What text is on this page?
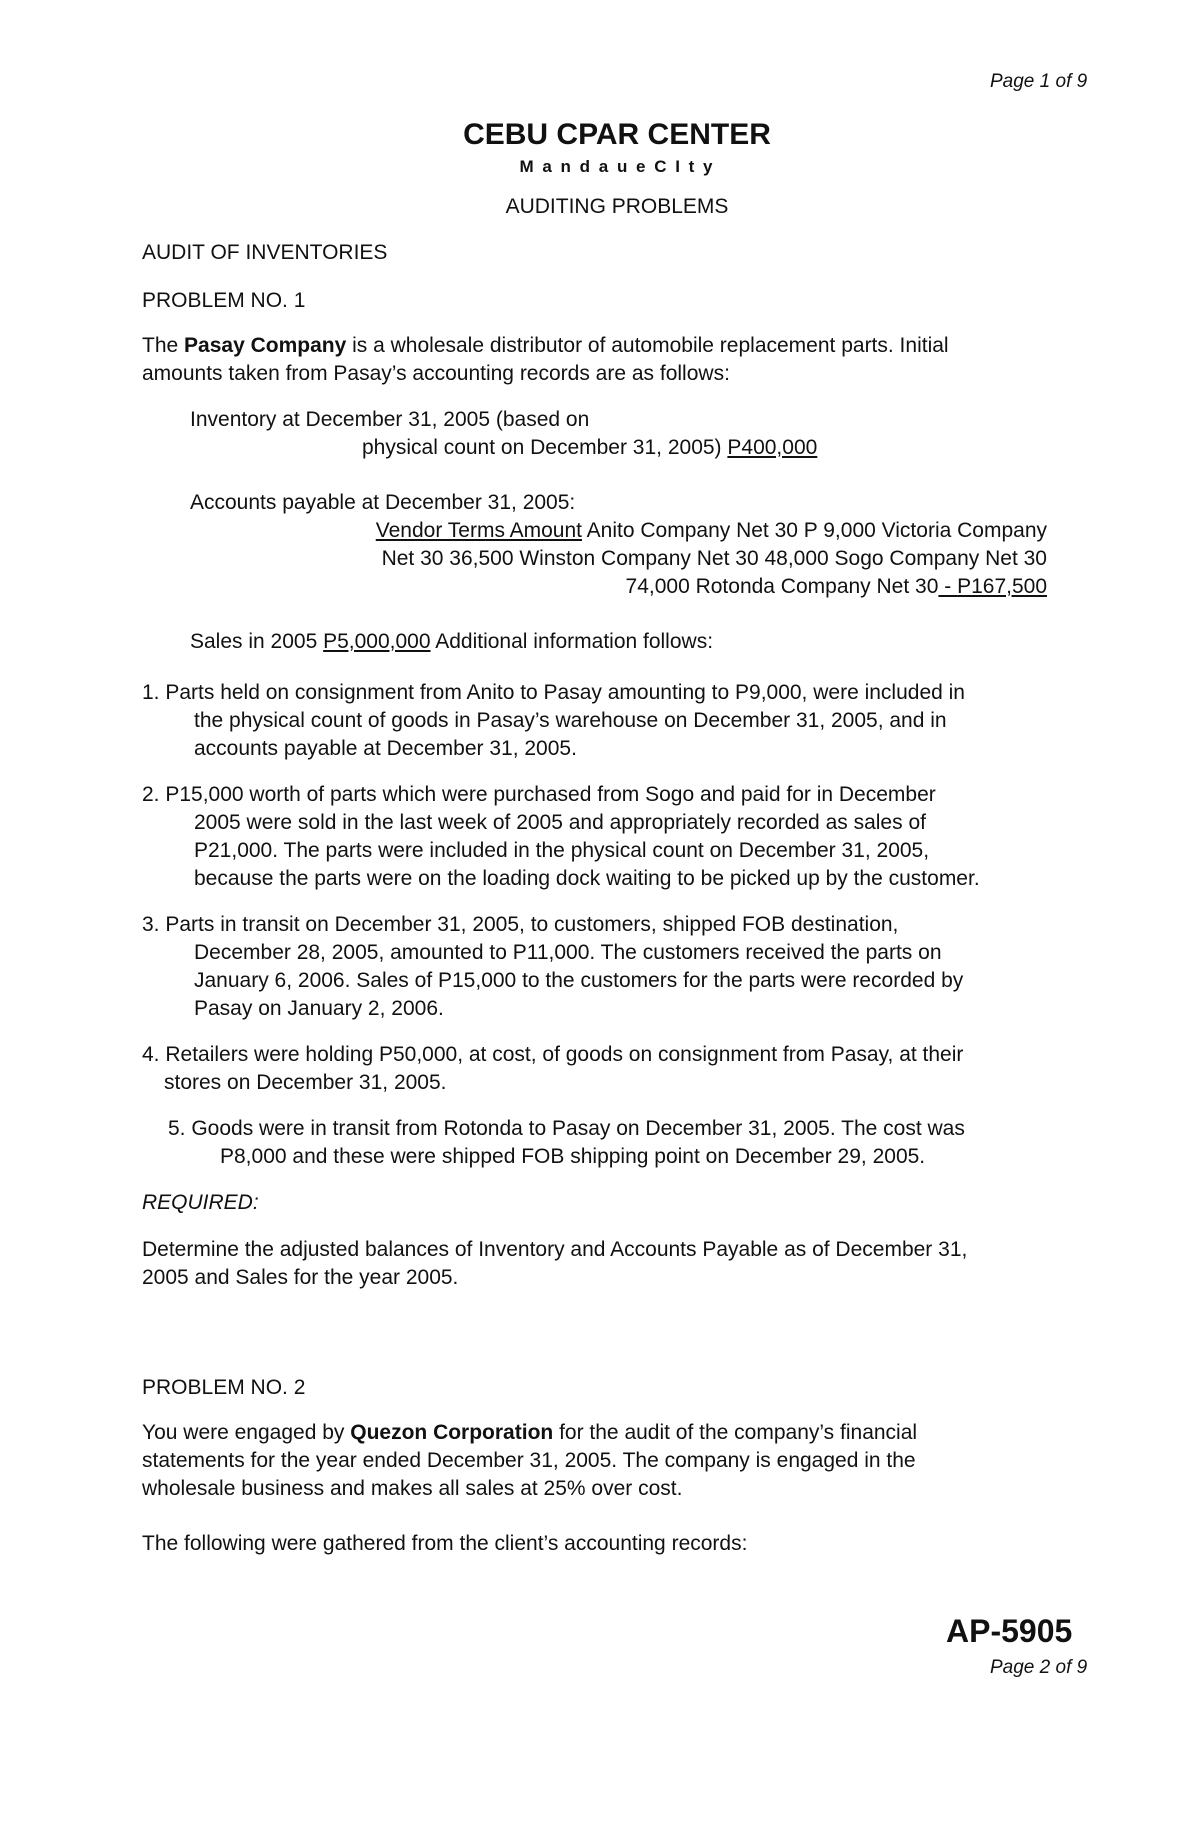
Page 1 of 9
CEBU CPAR CENTER
M a n d a u e C I t y
AUDITING PROBLEMS
AUDIT OF INVENTORIES
PROBLEM NO. 1
The Pasay Company is a wholesale distributor of automobile replacement parts. Initial
amounts taken from Pasay’s accounting records are as follows:
Inventory at December 31, 2005 (based on
physical count on December 31, 2005) P400,000
Accounts payable at December 31, 2005:
Vendor Terms Amount Anito Company Net 30 P 9,000 Victoria Company
Net 30 36,500 Winston Company Net 30 48,000 Sogo Company Net 30
74,000 Rotonda Company Net 30 - P167,500
Sales in 2005 P5,000,000 Additional information follows:
1. Parts held on consignment from Anito to Pasay amounting to P9,000, were included in
the physical count of goods in Pasay’s warehouse on December 31, 2005, and in
accounts payable at December 31, 2005.
2. P15,000 worth of parts which were purchased from Sogo and paid for in December
2005 were sold in the last week of 2005 and appropriately recorded as sales of
P21,000. The parts were included in the physical count on December 31, 2005,
because the parts were on the loading dock waiting to be picked up by the customer.
3. Parts in transit on December 31, 2005, to customers, shipped FOB destination,
December 28, 2005, amounted to P11,000. The customers received the parts on
January 6, 2006. Sales of P15,000 to the customers for the parts were recorded by
Pasay on January 2, 2006.
4. Retailers were holding P50,000, at cost, of goods on consignment from Pasay, at their
stores on December 31, 2005.
5. Goods were in transit from Rotonda to Pasay on December 31, 2005. The cost was
P8,000 and these were shipped FOB shipping point on December 29, 2005.
REQUIRED:
Determine the adjusted balances of Inventory and Accounts Payable as of December 31,
2005 and Sales for the year 2005.
PROBLEM NO. 2
You were engaged by Quezon Corporation for the audit of the company’s financial
statements for the year ended December 31, 2005. The company is engaged in the
wholesale business and makes all sales at 25% over cost.
The following were gathered from the client’s accounting records:
AP-5905
Page 2 of 9
